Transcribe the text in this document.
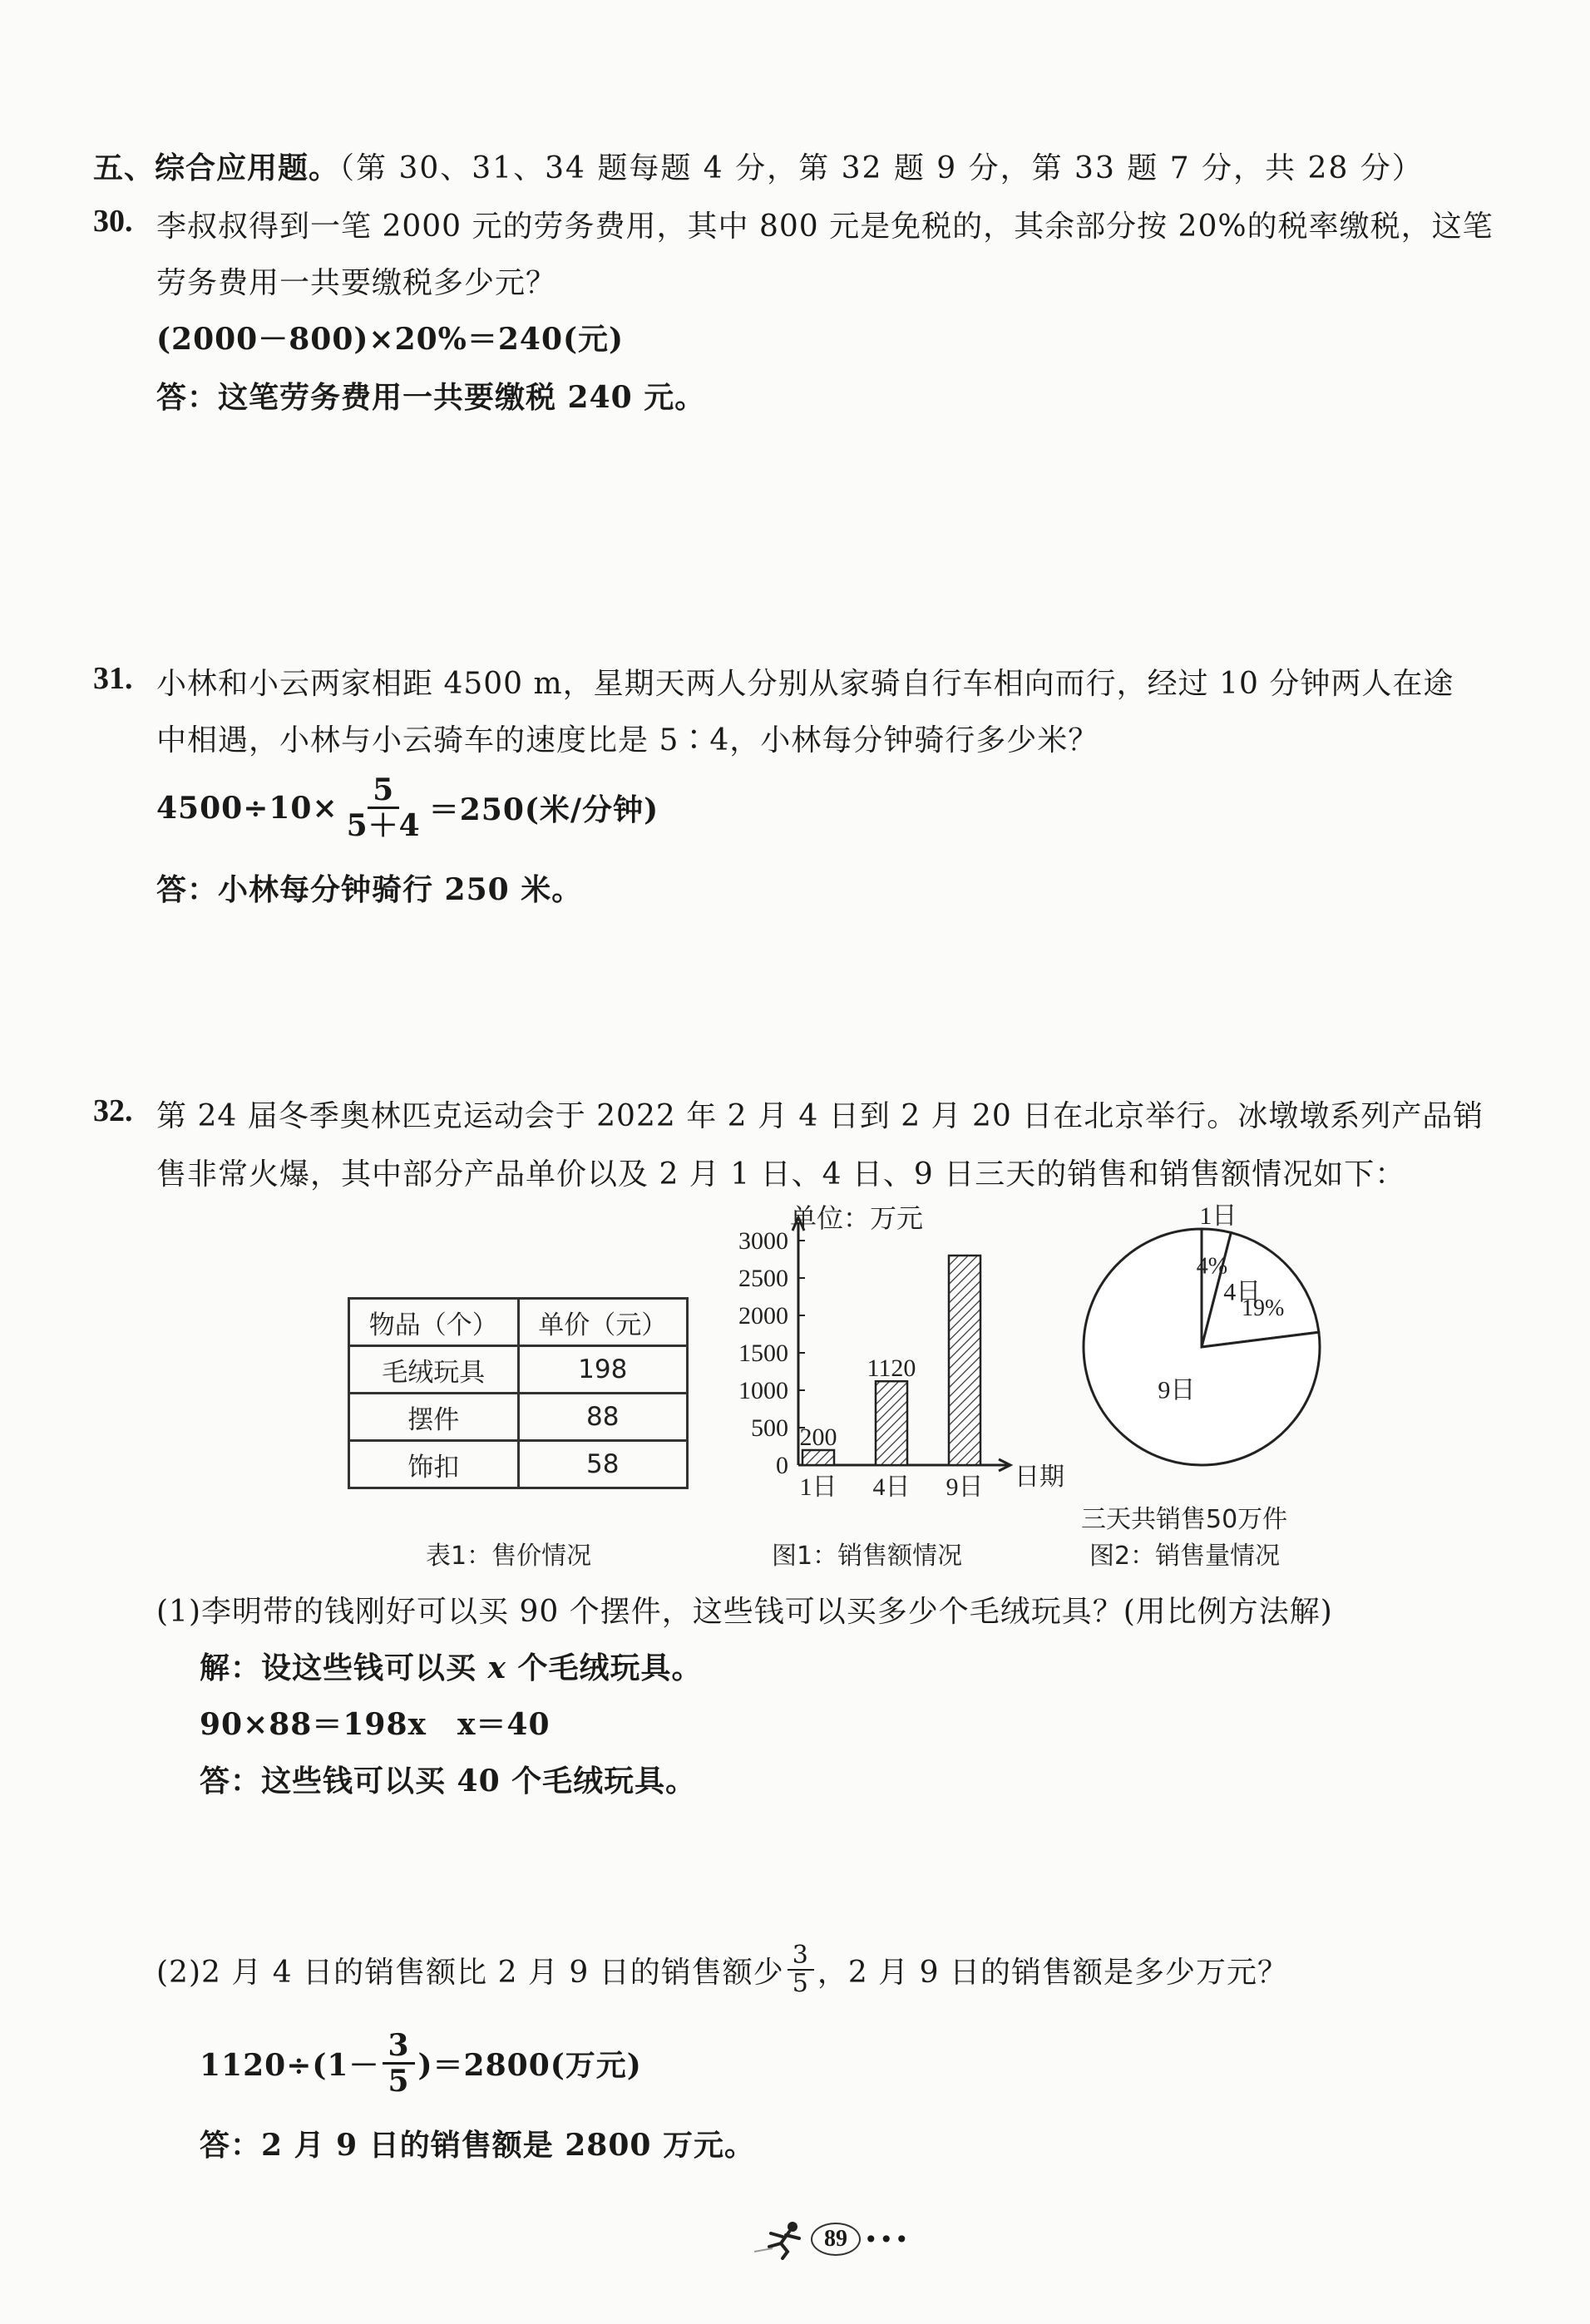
五、综合应用题。（第 30、31、34 题每题 4 分，第 32 题 9 分，第 33 题 7 分，共 28 分）
30. 李叔叔得到一笔 2000 元的劳务费用，其中 800 元是免税的，其余部分按 20%的税率缴税，这笔
劳务费用一共要缴税多少元？
(2000－800)×20%＝240(元)
答：这笔劳务费用一共要缴税 240 元。
31. 小林和小云两家相距 4500 m，星期天两人分别从家骑自行车相向而行，经过 10 分钟两人在途
中相遇，小林与小云骑车的速度比是 5∶4，小林每分钟骑行多少米？
$4500\div 10\times \frac{5}{5+4} =250$(米/分钟)
答：小林每分钟骑行 250 米。
32. 第 24 届冬季奥林匹克运动会于 2022 年 2 月 4 日到 2 月 20 日在北京举行。冰墩墩系列产品销
售非常火爆，其中部分产品单价以及 2 月 1 日、4 日、9 日三天的销售和销售额情况如下：
物品（个）	单价（元）
毛绒玩具	198
摆件	88
饰扣	58
表1：售价情况
单位：万元
0
500
1000
1500
2000
2500
3000
200
1120
1日 4日 9日 日期
图1：销售额情况
1日
4%
4日
19%
9日
三天共销售50万件
图2：销售量情况
(1)李明带的钱刚好可以买 90 个摆件，这些钱可以买多少个毛绒玩具？(用比例方法解)
解：设这些钱可以买 x 个毛绒玩具。
90×88＝198x　x＝40
答：这些钱可以买 40 个毛绒玩具。
(2)2 月 4 日的销售额比 2 月 9 日的销售额少 $\frac{3}{5}$ ，2 月 9 日的销售额是多少万元？
$1120\div(1- \frac{3}{5} )=2800$(万元)
答：2 月 9 日的销售额是 2800 万元。
89 •••
